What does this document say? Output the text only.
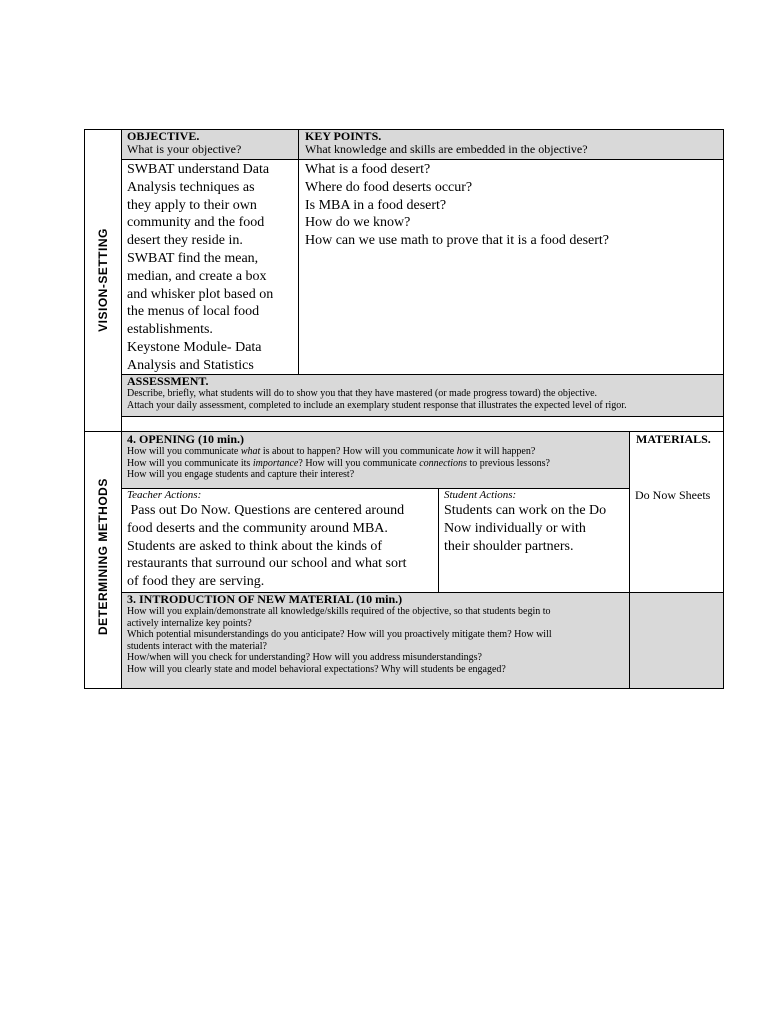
VISION-SETTING
DETERMINING METHODS
OBJECTIVE.
What is your objective?
KEY POINTS.
What knowledge and skills are embedded in the objective?
SWBAT understand Data
Analysis techniques as
they apply to their own
community and the food
desert they reside in.
SWBAT find the mean,
median, and create a box
and whisker plot based on
the menus of local food
establishments.
Keystone Module- Data
Analysis and Statistics
What is a food desert?
Where do food deserts occur?
Is MBA in a food desert?
How do we know?
How can we use math to prove that it is a food desert?
ASSESSMENT.
Describe, briefly, what students will do to show you that they have mastered (or made progress toward) the objective.
Attach your daily assessment, completed to include an exemplary student response that illustrates the expected level of rigor.
4. OPENING (10 min.)
How will you communicate what is about to happen? How will you communicate how it will happen?
How will you communicate its importance? How will you communicate connections to previous lessons?
How will you engage students and capture their interest?
MATERIALS.
Do Now Sheets
Teacher Actions:
Pass out Do Now. Questions are centered around
food deserts and the community around MBA.
Students are asked to think about the kinds of
restaurants that surround our school and what sort
of food they are serving.
Student Actions:
Students can work on the Do
Now individually or with
their shoulder partners.
3. INTRODUCTION OF NEW MATERIAL (10 min.)
How will you explain/demonstrate all knowledge/skills required of the objective, so that students begin to
actively internalize key points?
Which potential misunderstandings do you anticipate? How will you proactively mitigate them? How will
students interact with the material?
How/when will you check for understanding? How will you address misunderstandings?
How will you clearly state and model behavioral expectations? Why will students be engaged?
